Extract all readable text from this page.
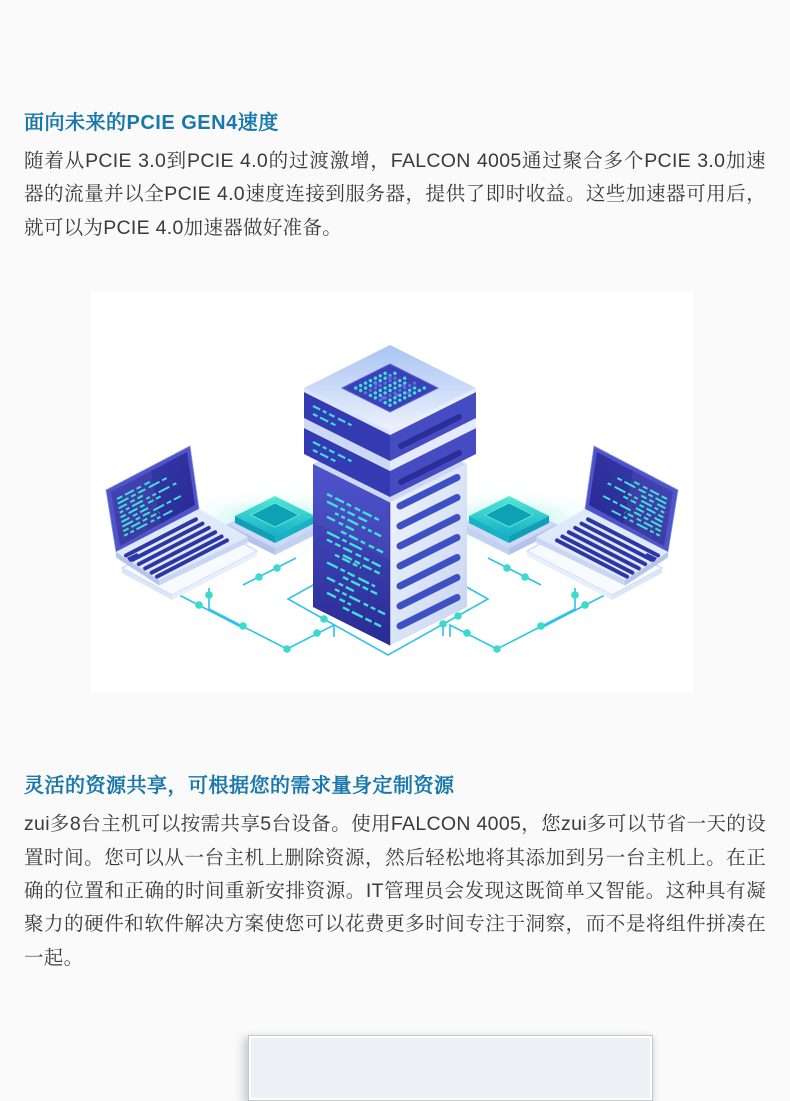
面向未来的PCIE GEN4速度

随着从PCIE 3.0到PCIE 4.0的过渡激增，FALCON 4005通过聚合多个PCIE 3.0加速器的流量并以全PCIE 4.0速度连接到服务器，提供了即时收益。这些加速器可用后，就可以为PCIE 4.0加速器做好准备。

灵活的资源共享，可根据您的需求量身定制资源

zui多8台主机可以按需共享5台设备。使用FALCON 4005，您zui多可以节省一天的设置时间。您可以从一台主机上删除资源，然后轻松地将其添加到另一台主机上。在正确的位置和正确的时间重新安排资源。IT管理员会发现这既简单又智能。这种具有凝聚力的硬件和软件解决方案使您可以花费更多时间专注于洞察，而不是将组件拼凑在一起。
